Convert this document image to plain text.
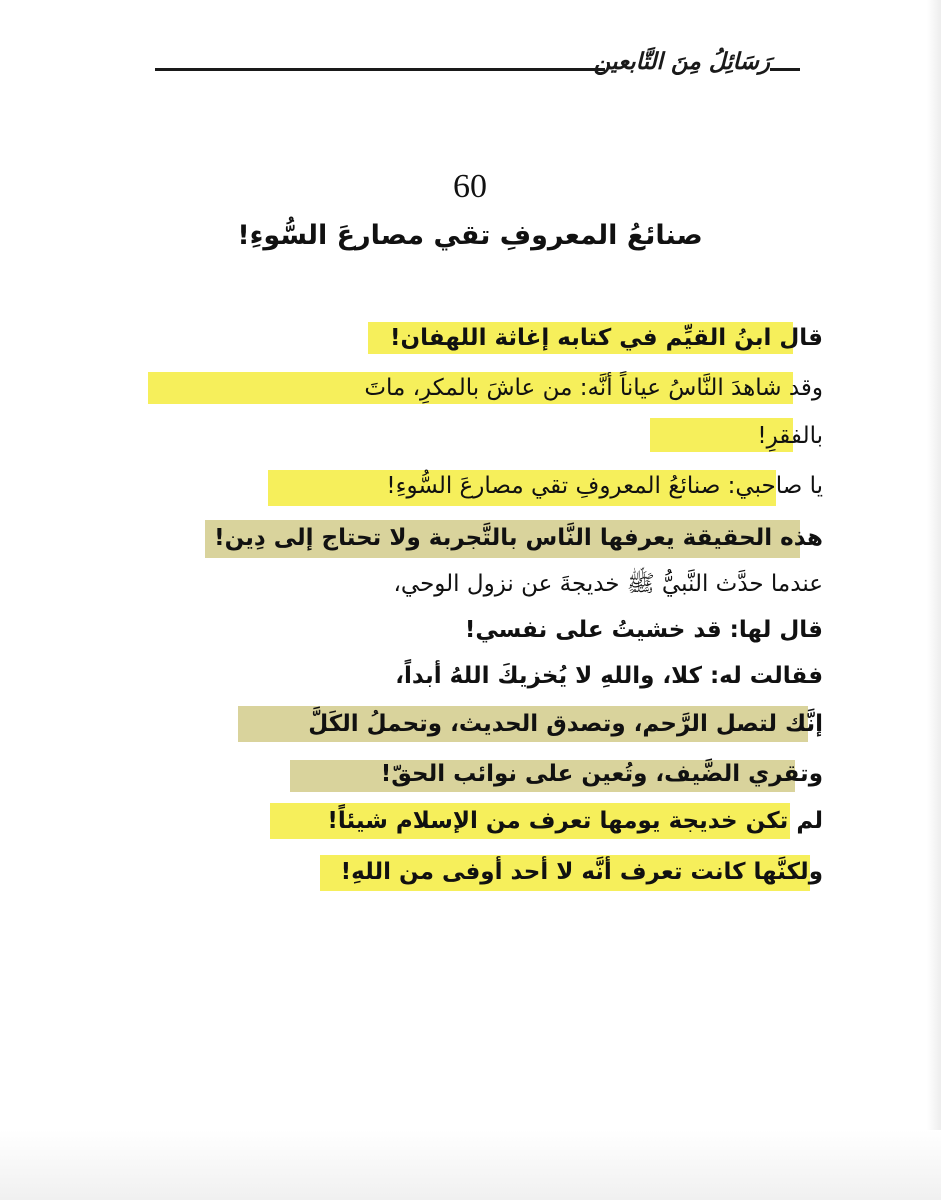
رَسَائِلُ مِنَ التَّابعين
60
صنائعُ المعروفِ تقي مصارعَ السُّوءِ!
قال ابنُ القيِّم في كتابه إغاثة اللهفان!
وقد شاهدَ النَّاسُ عياناً أنَّه: من عاشَ بالمكرِ، ماتَ
بالفقرِ!
يا صاحبي: صنائعُ المعروفِ تقي مصارعَ السُّوءِ!
هذه الحقيقة يعرفها النَّاس بالتَّجربة ولا تحتاج إلى دِين!
عندما حدَّث النَّبيُّ ﷺ خديجةَ عن نزول الوحي،
قال لها: قد خشيتُ على نفسي!
فقالت له: كلا، واللهِ لا يُخزيكَ اللهُ أبداً،
إنَّك لتصل الرَّحم، وتصدق الحديث، وتحملُ الكَلَّ
وتقري الضَّيف، وتُعين على نوائب الحقّ!
لم تكن خديجة يومها تعرف من الإسلام شيئاً!
ولكنَّها كانت تعرف أنَّه لا أحد أوفى من اللهِ!
